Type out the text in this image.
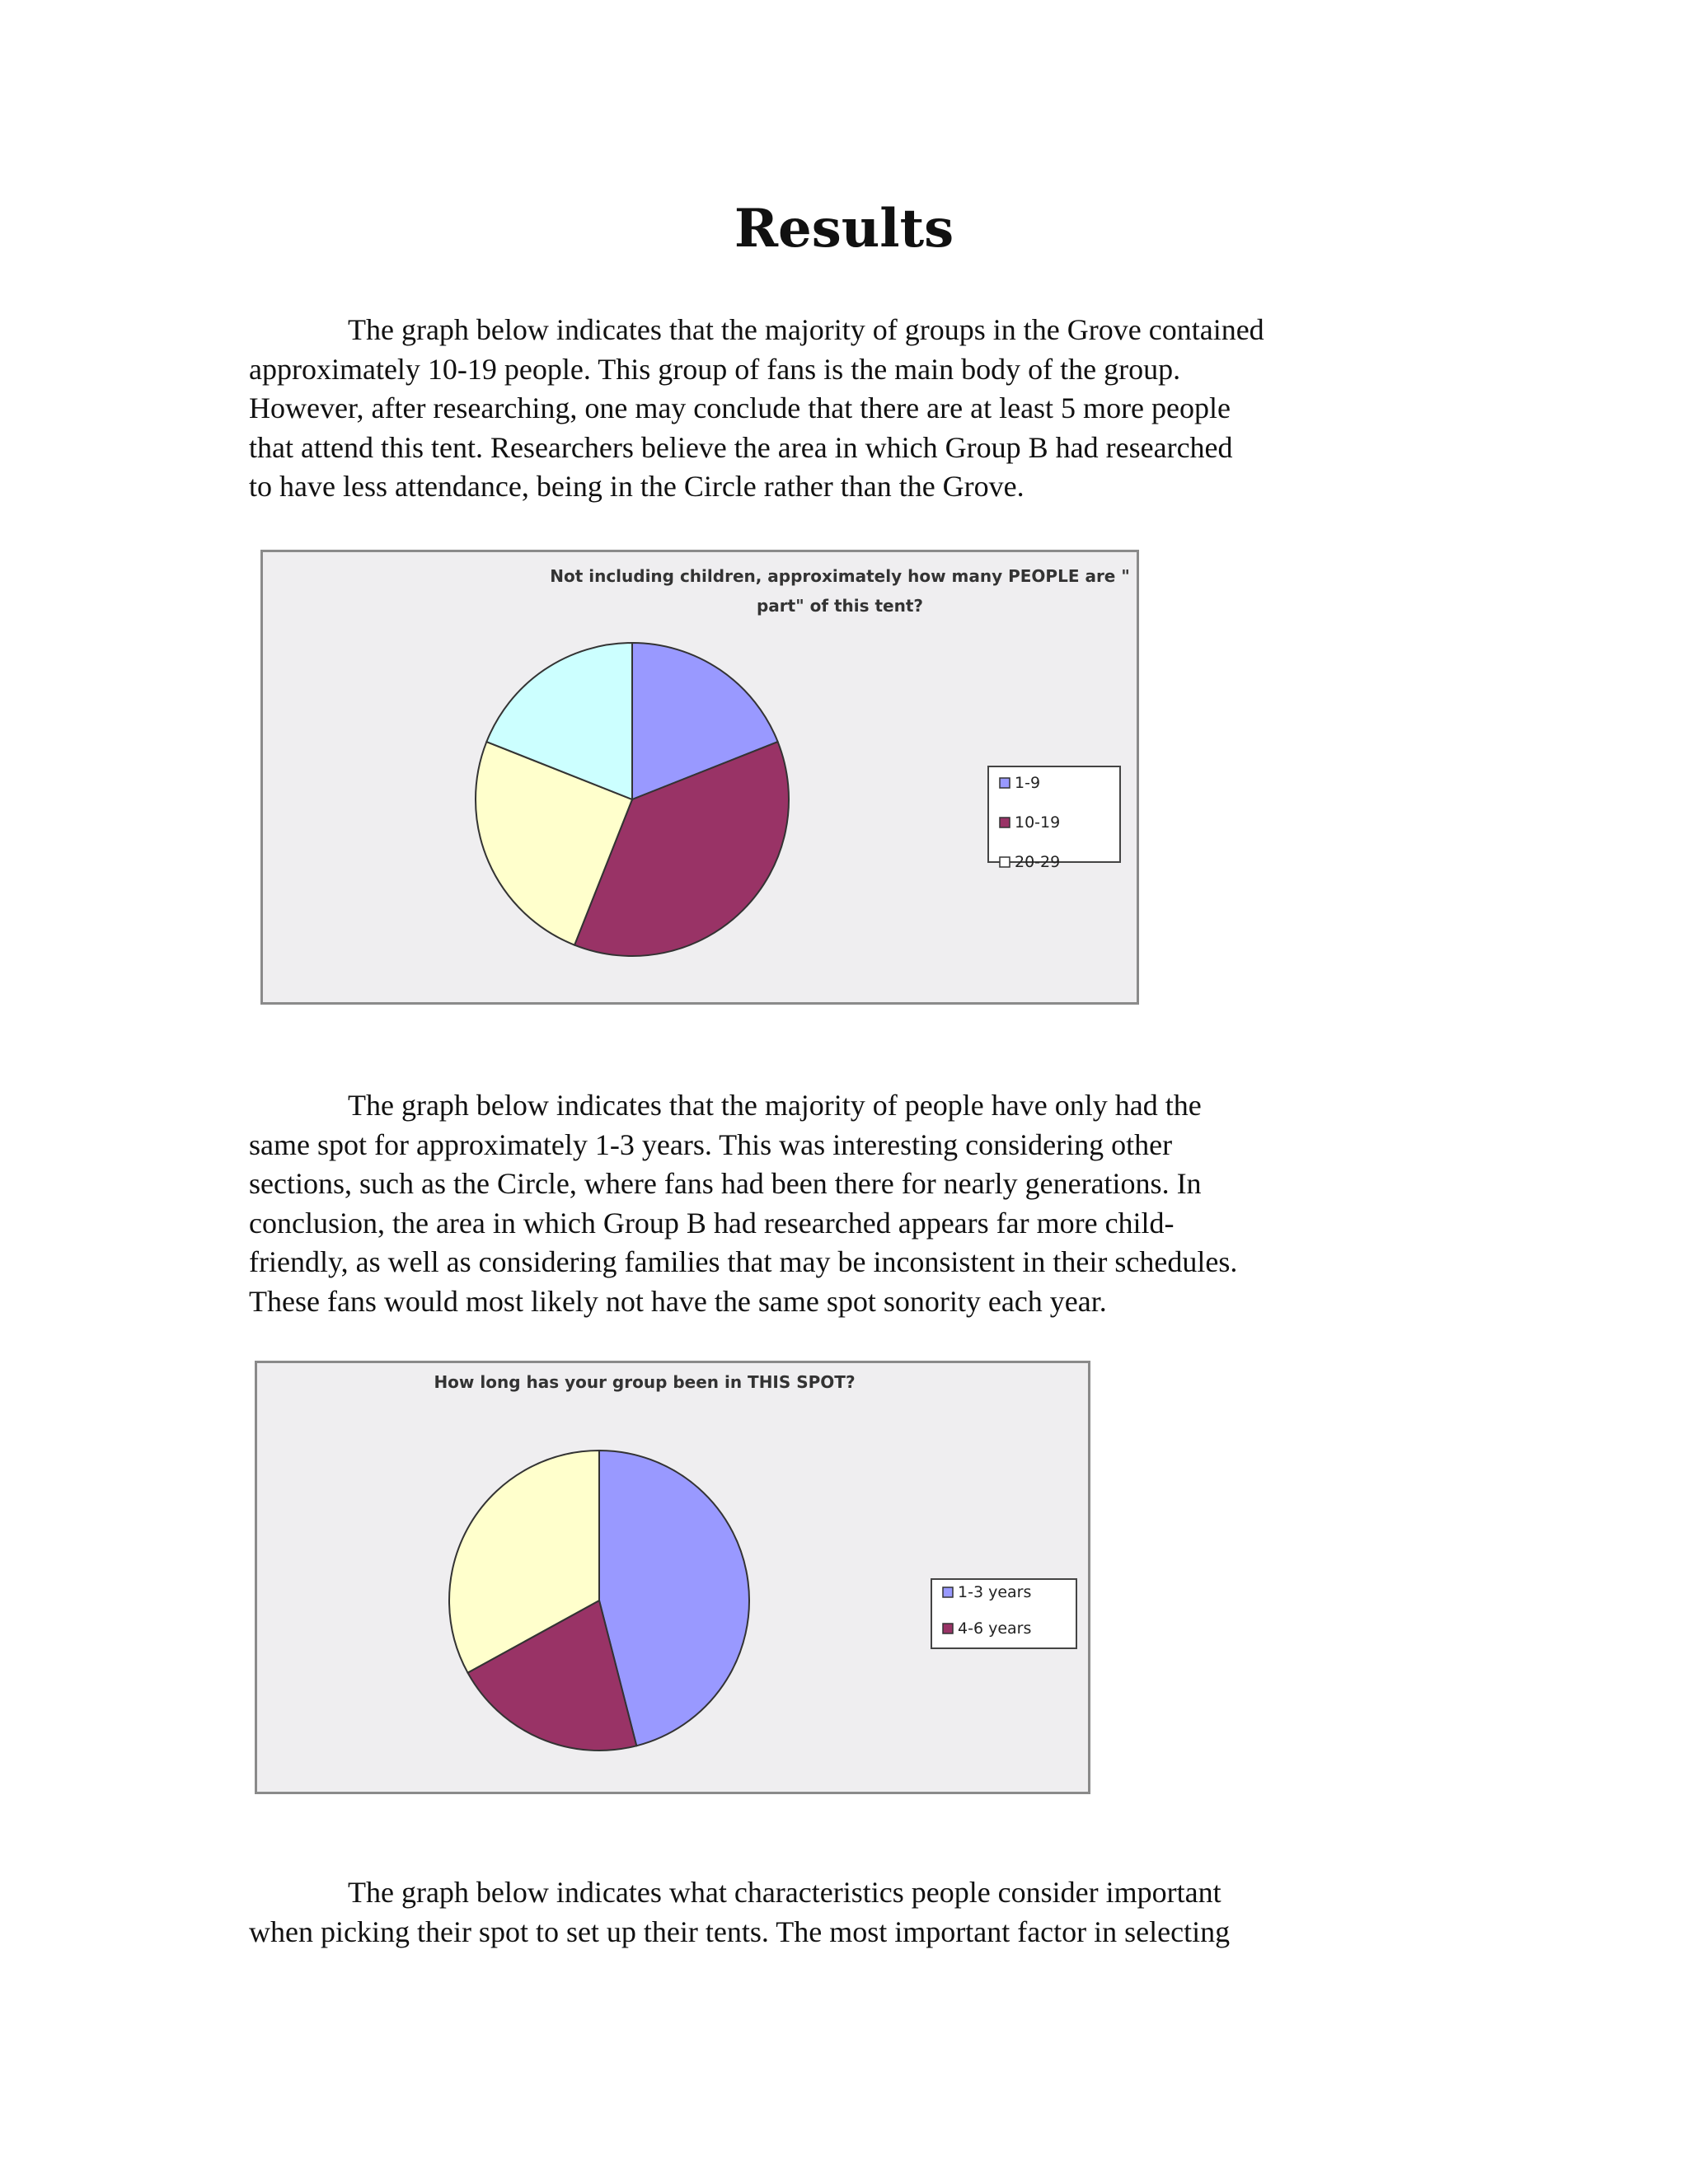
Results
The graph below indicates that the majority of groups in the Grove contained
approximately 10-19 people. This group of fans is the main body of the group.
However, after researching, one may conclude that there are at least 5 more people
that attend this tent. Researchers believe the area in which Group B had researched
to have less attendance, being in the Circle rather than the Grove.
Not including children, approximately how many PEOPLE are "
part" of this tent?
1-9
10-19
20-29
The graph below indicates that the majority of people have only had the
same spot for approximately 1-3 years. This was interesting considering other
sections, such as the Circle, where fans had been there for nearly generations. In
conclusion, the area in which Group B had researched appears far more child-
friendly, as well as considering families that may be inconsistent in their schedules.
These fans would most likely not have the same spot sonority each year.
How long has your group been in THIS SPOT?
1-3 years
4-6 years
The graph below indicates what characteristics people consider important
when picking their spot to set up their tents. The most important factor in selecting
